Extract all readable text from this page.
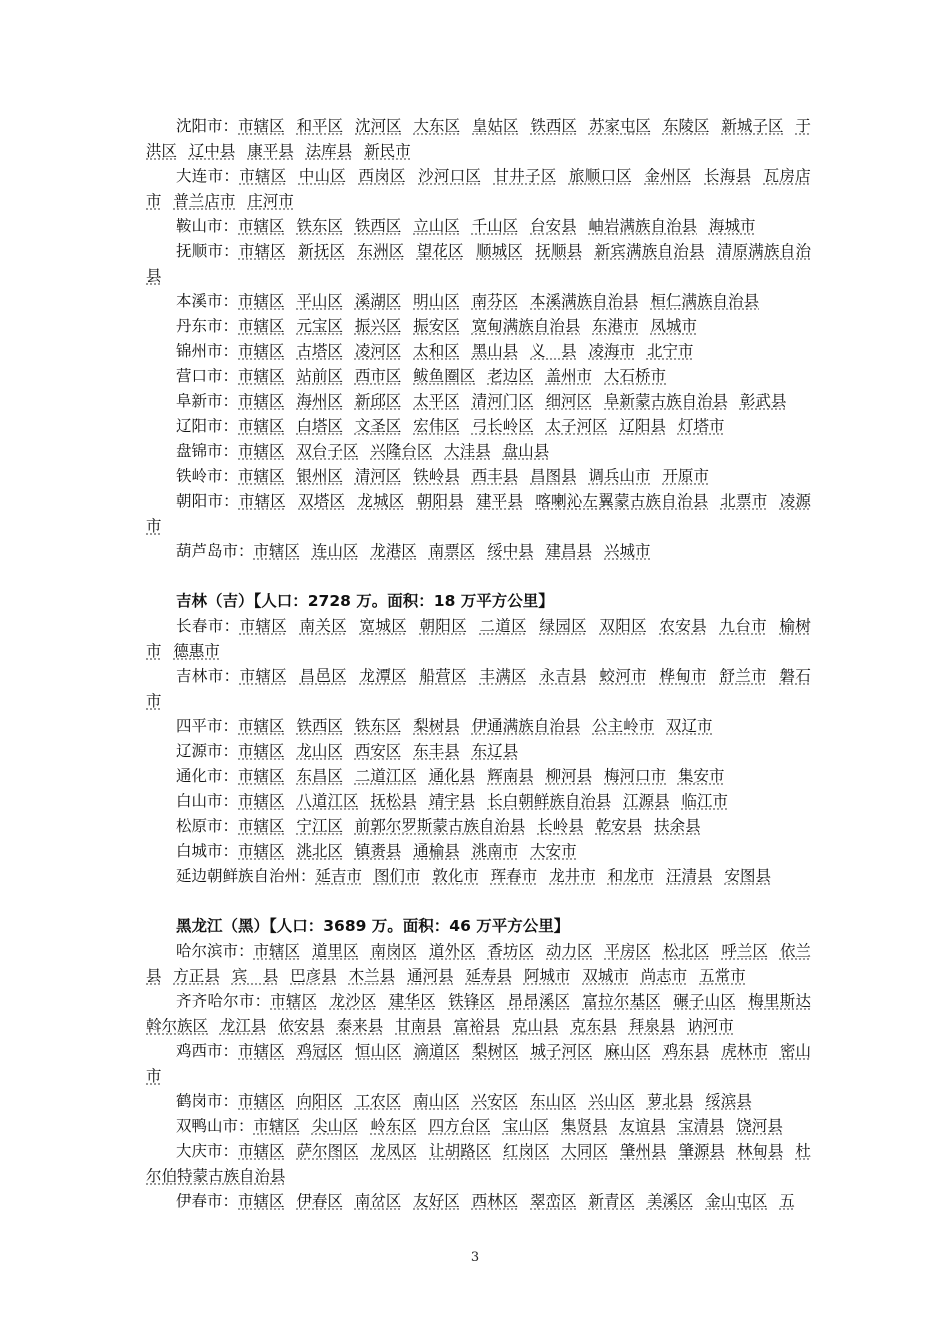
沈阳市：市辖区 和平区 沈河区 大东区 皇姑区 铁西区 苏家屯区 东陵区 新城子区 于洪区 辽中县 康平县 法库县 新民市
大连市：市辖区 中山区 西岗区 沙河口区 甘井子区 旅顺口区 金州区 长海县 瓦房店市 普兰店市 庄河市
鞍山市：市辖区 铁东区 铁西区 立山区 千山区 台安县 岫岩满族自治县 海城市
抚顺市：市辖区 新抚区 东洲区 望花区 顺城区 抚顺县 新宾满族自治县 清原满族自治县
本溪市：市辖区 平山区 溪湖区 明山区 南芬区 本溪满族自治县 桓仁满族自治县
丹东市：市辖区 元宝区 振兴区 振安区 宽甸满族自治县 东港市 凤城市
锦州市：市辖区 古塔区 凌河区 太和区 黑山县 义　县 凌海市 北宁市
营口市：市辖区 站前区 西市区 鲅鱼圈区 老边区 盖州市 大石桥市
阜新市：市辖区 海州区 新邱区 太平区 清河门区 细河区 阜新蒙古族自治县 彰武县
辽阳市：市辖区 白塔区 文圣区 宏伟区 弓长岭区 太子河区 辽阳县 灯塔市
盘锦市：市辖区 双台子区 兴隆台区 大洼县 盘山县
铁岭市：市辖区 银州区 清河区 铁岭县 西丰县 昌图县 调兵山市 开原市
朝阳市：市辖区 双塔区 龙城区 朝阳县 建平县 喀喇沁左翼蒙古族自治县 北票市 凌源市
葫芦岛市：市辖区 连山区 龙港区 南票区 绥中县 建昌县 兴城市
吉林（吉）【人口：2728 万。面积：18 万平方公里】
长春市：市辖区 南关区 宽城区 朝阳区 二道区 绿园区 双阳区 农安县 九台市 榆树市 德惠市
吉林市：市辖区 昌邑区 龙潭区 船营区 丰满区 永吉县 蛟河市 桦甸市 舒兰市 磐石市
四平市：市辖区 铁西区 铁东区 梨树县 伊通满族自治县 公主岭市 双辽市
辽源市：市辖区 龙山区 西安区 东丰县 东辽县
通化市：市辖区 东昌区 二道江区 通化县 辉南县 柳河县 梅河口市 集安市
白山市：市辖区 八道江区 抚松县 靖宇县 长白朝鲜族自治县 江源县 临江市
松原市：市辖区 宁江区 前郭尔罗斯蒙古族自治县 长岭县 乾安县 扶余县
白城市：市辖区 洮北区 镇赉县 通榆县 洮南市 大安市
延边朝鲜族自治州：延吉市 图们市 敦化市 珲春市 龙井市 和龙市 汪清县 安图县
黑龙江（黑）【人口：3689 万。面积：46 万平方公里】
哈尔滨市：市辖区 道里区 南岗区 道外区 香坊区 动力区 平房区 松北区 呼兰区 依兰县 方正县 宾　县 巴彦县 木兰县 通河县 延寿县 阿城市 双城市 尚志市 五常市
齐齐哈尔市：市辖区 龙沙区 建华区 铁锋区 昂昂溪区 富拉尔基区 碾子山区 梅里斯达斡尔族区 龙江县 依安县 泰来县 甘南县 富裕县 克山县 克东县 拜泉县 讷河市
鸡西市：市辖区 鸡冠区 恒山区 滴道区 梨树区 城子河区 麻山区 鸡东县 虎林市 密山市
鹤岗市：市辖区 向阳区 工农区 南山区 兴安区 东山区 兴山区 萝北县 绥滨县
双鸭山市：市辖区 尖山区 岭东区 四方台区 宝山区 集贤县 友谊县 宝清县 饶河县
大庆市：市辖区 萨尔图区 龙凤区 让胡路区 红岗区 大同区 肇州县 肇源县 林甸县 杜尔伯特蒙古族自治县
伊春市：市辖区 伊春区 南岔区 友好区 西林区 翠峦区 新青区 美溪区 金山屯区 五
3
